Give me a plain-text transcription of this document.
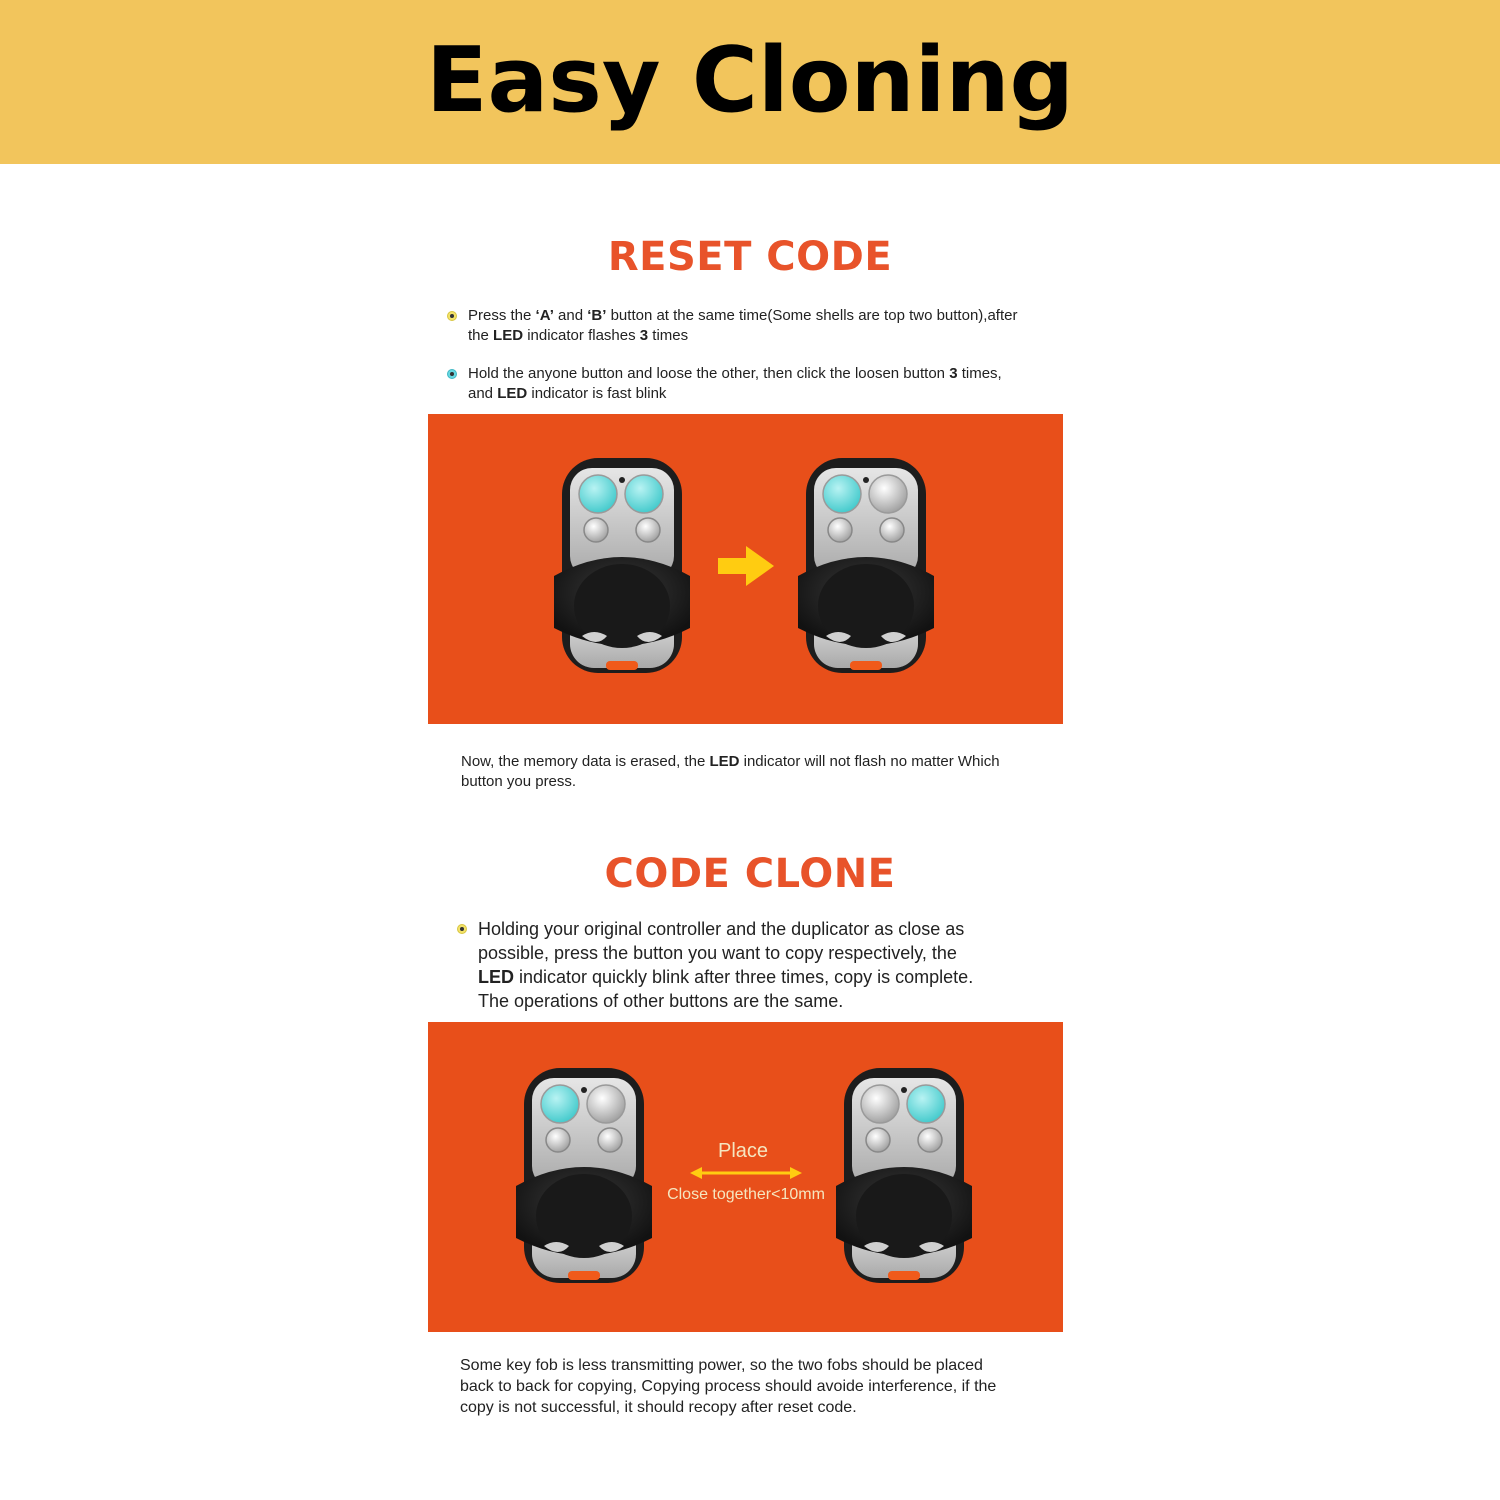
Easy Cloning
RESET CODE

Press the ‘A’ and ‘B’ button at the same time(Some shells are top two button),after
the LED indicator flashes 3 times

Hold the anyone button and loose the other, then click the loosen button 3 times,
and LED indicator is fast blink

Now, the memory data is erased, the LED indicator will not flash no matter Which
button you press.

CODE CLONE

Holding your original controller and the duplicator as close as
possible, press the button you want to copy respectively, the
LED indicator quickly blink after three times, copy is complete.
The operations of other buttons are the same.

Place
Close together<10mm

Some key fob is less transmitting power, so the two fobs should be placed
back to back for copying, Copying process should avoide interference, if the
copy is not successful, it should recopy after reset code.
